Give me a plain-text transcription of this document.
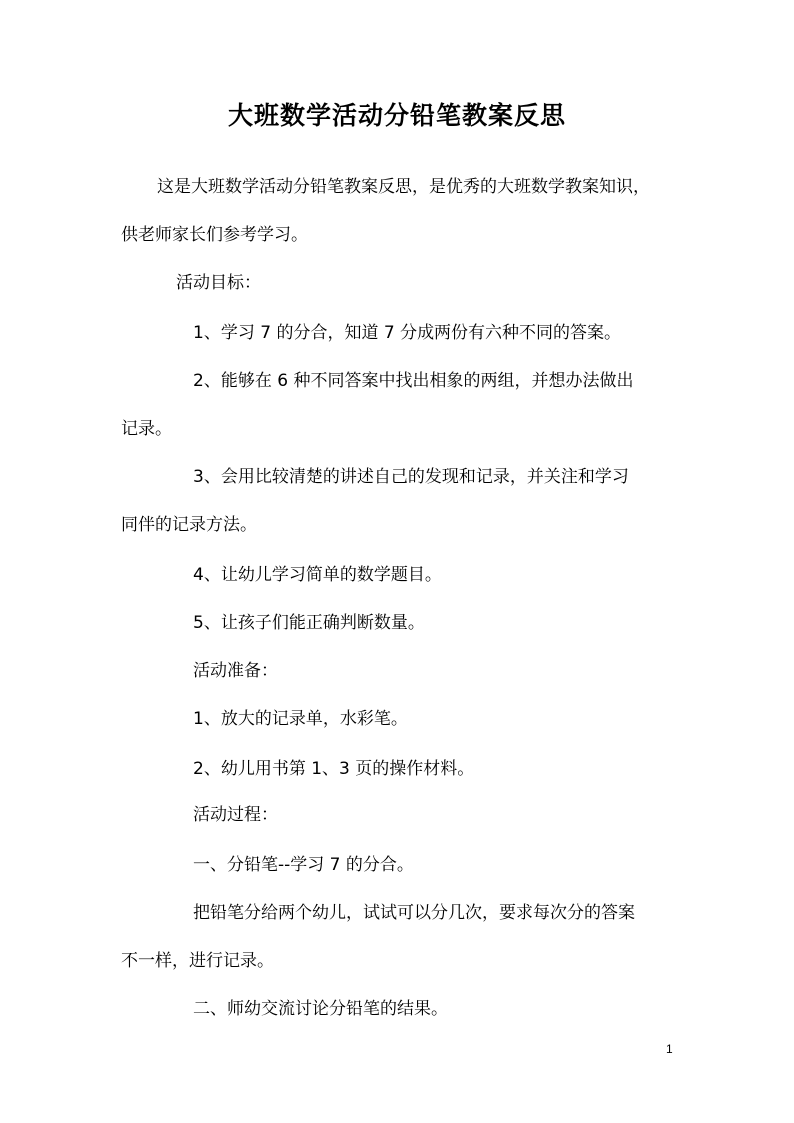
大班数学活动分铅笔教案反思
这是大班数学活动分铅笔教案反思，是优秀的大班数学教案知识，
供老师家长们参考学习。
活动目标：
1、学习 7 的分合，知道 7 分成两份有六种不同的答案。
2、能够在 6 种不同答案中找出相象的两组，并想办法做出
记录。
3、会用比较清楚的讲述自己的发现和记录，并关注和学习
同伴的记录方法。
4、让幼儿学习简单的数学题目。
5、让孩子们能正确判断数量。
活动准备：
1、放大的记录单，水彩笔。
2、幼儿用书第 1、3 页的操作材料。
活动过程：
一、分铅笔--学习 7 的分合。
把铅笔分给两个幼儿，试试可以分几次，要求每次分的答案
不一样，进行记录。
二、师幼交流讨论分铅笔的结果。
1
